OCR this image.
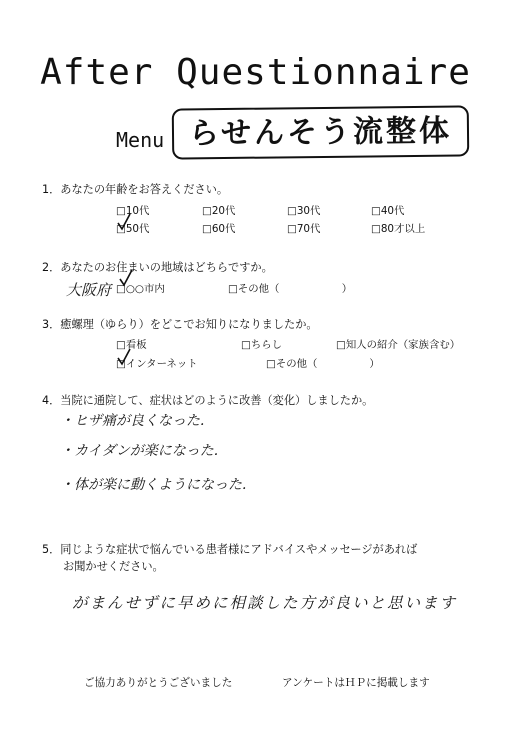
After Questionnaire
Menu らせんそう流整体
1．あなたの年齢をお答えください。
□10代	□20代	□30代	□40代
□50代	□60代	□70代	□80才以上
2．あなたのお住まいの地域はどちらですか。
大阪府 □○○市内	□その他（　　　　　　）
3．癒螺理（ゆらり）をどこでお知りになりましたか。
□看板	□ちらし	□知人の紹介（家族含む）
□インターネット	□その他（　　　　　）
4．当院に通院して、症状はどのように改善（変化）しましたか。
・ヒザ痛が良くなった.
・カイダンが楽になった.
・体が楽に動くようになった.
5．同じような症状で悩んでいる患者様にアドバイスやメッセージがあれば
お聞かせください。
がまんせずに早めに相談した方が良いと思います
ご協力ありがとうございました	アンケートはＨＰに掲載します
